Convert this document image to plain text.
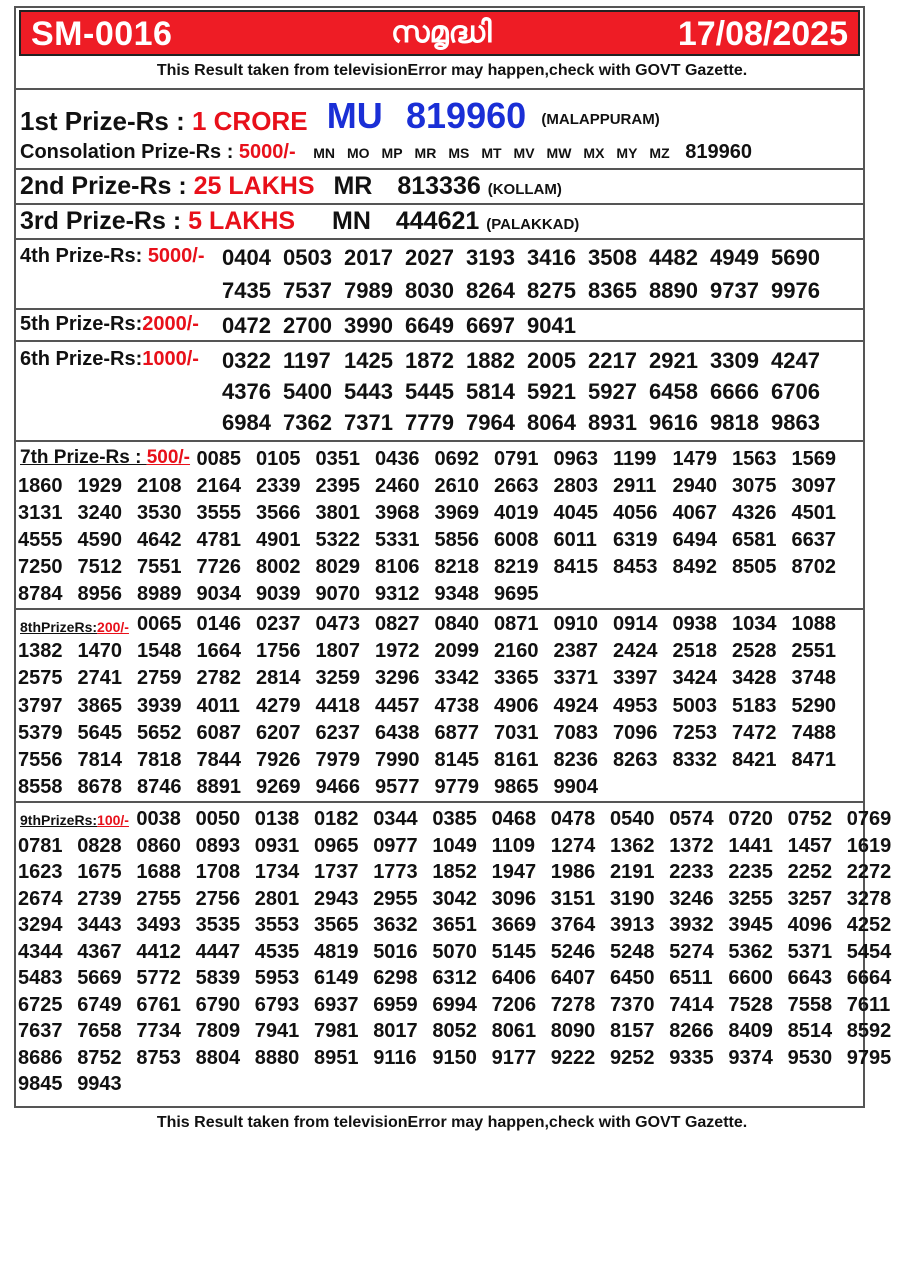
SM-0016	സമൃദ്ധി	17/08/2025
This Result taken from televisionError may happen,check with GOVT Gazette.
1st Prize-Rs : 1 CRORE MU 819960 $^{(MALAPPURAM)}$
Consolation Prize-Rs : 5000/- MN MO MP MR MS MT MV MW MX MY MZ 819960
2nd Prize-Rs : 25 LAKHS MR 813336 (KOLLAM)
3rd Prize-Rs : 5 LAKHS MN 444621 (PALAKKAD)
4th Prize-Rs: 5000/- 0404 0503 2017 2027 3193 3416 3508 4482 4949 5690
7435 7537 7989 8030 8264 8275 8365 8890 9737 9976
5th Prize-Rs:2000/- 0472 2700 3990 6649 6697 9041
6th Prize-Rs:1000/- 0322 1197 1425 1872 1882 2005 2217 2921 3309 4247
4376 5400 5443 5445 5814 5921 5927 6458 6666 6706
6984 7362 7371 7779 7964 8064 8931 9616 9818 9863
7th Prize-Rs : 500/- 0085 0105 0351 0436 0692 0791 0963 1199 1479 1563 1569
1860 1929 2108 2164 2339 2395 2460 2610 2663 2803 2911 2940 3075 3097
3131 3240 3530 3555 3566 3801 3968 3969 4019 4045 4056 4067 4326 4501
4555 4590 4642 4781 4901 5322 5331 5856 6008 6011 6319 6494 6581 6637
7250 7512 7551 7726 8002 8029 8106 8218 8219 8415 8453 8492 8505 8702
8784 8956 8989 9034 9039 9070 9312 9348 9695
8thPrizeRs:200/- 0065 0146 0237 0473 0827 0840 0871 0910 0914 0938 1034 1088
1382 1470 1548 1664 1756 1807 1972 2099 2160 2387 2424 2518 2528 2551
2575 2741 2759 2782 2814 3259 3296 3342 3365 3371 3397 3424 3428 3748
3797 3865 3939 4011 4279 4418 4457 4738 4906 4924 4953 5003 5183 5290
5379 5645 5652 6087 6207 6237 6438 6877 7031 7083 7096 7253 7472 7488
7556 7814 7818 7844 7926 7979 7990 8145 8161 8236 8263 8332 8421 8471
8558 8678 8746 8891 9269 9466 9577 9779 9865 9904
9thPrizeRs:100/- 0038 0050 0138 0182 0344 0385 0468 0478 0540 0574 0720 0752 0769
0781 0828 0860 0893 0931 0965 0977 1049 1109 1274 1362 1372 1441 1457 1619
1623 1675 1688 1708 1734 1737 1773 1852 1947 1986 2191 2233 2235 2252 2272
2674 2739 2755 2756 2801 2943 2955 3042 3096 3151 3190 3246 3255 3257 3278
3294 3443 3493 3535 3553 3565 3632 3651 3669 3764 3913 3932 3945 4096 4252
4344 4367 4412 4447 4535 4819 5016 5070 5145 5246 5248 5274 5362 5371 5454
5483 5669 5772 5839 5953 6149 6298 6312 6406 6407 6450 6511 6600 6643 6664
6725 6749 6761 6790 6793 6937 6959 6994 7206 7278 7370 7414 7528 7558 7611
7637 7658 7734 7809 7941 7981 8017 8052 8061 8090 8157 8266 8409 8514 8592
8686 8752 8753 8804 8880 8951 9116 9150 9177 9222 9252 9335 9374 9530 9795
9845 9943
This Result taken from televisionError may happen,check with GOVT Gazette.
